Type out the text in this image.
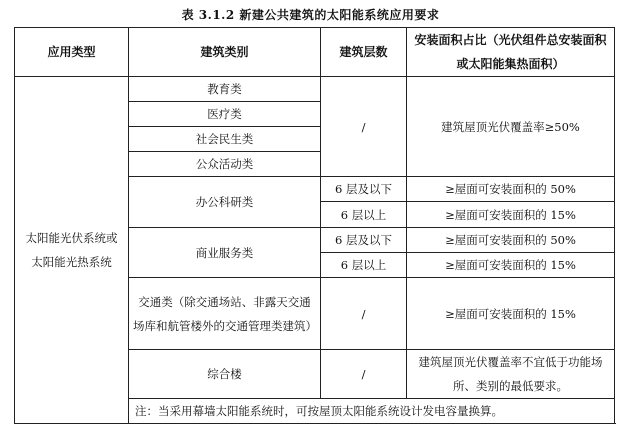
表 3.1.2 新建公共建筑的太阳能系统应用要求
应用类型	建筑类别	建筑层数	安装面积占比（光伏组件总安装面积或太阳能集热面积）
太阳能光伏系统或太阳能光热系统	教育类	/	建筑屋顶光伏覆盖率≥50%
	医疗类		
	社会民生类		
	公众活动类		
	办公科研类	6 层及以下	≥屋面可安装面积的 50%
		6 层以上	≥屋面可安装面积的 15%
	商业服务类	6 层及以下	≥屋面可安装面积的 50%
		6 层以上	≥屋面可安装面积的 15%
	交通类（除交通场站、非露天交通场库和航管楼外的交通管理类建筑）	/	≥屋面可安装面积的 15%
	综合楼	/	建筑屋顶光伏覆盖率不宜低于功能场所、类别的最低要求。
	注：当采用幕墙太阳能系统时，可按屋顶太阳能系统设计发电容量换算。		
